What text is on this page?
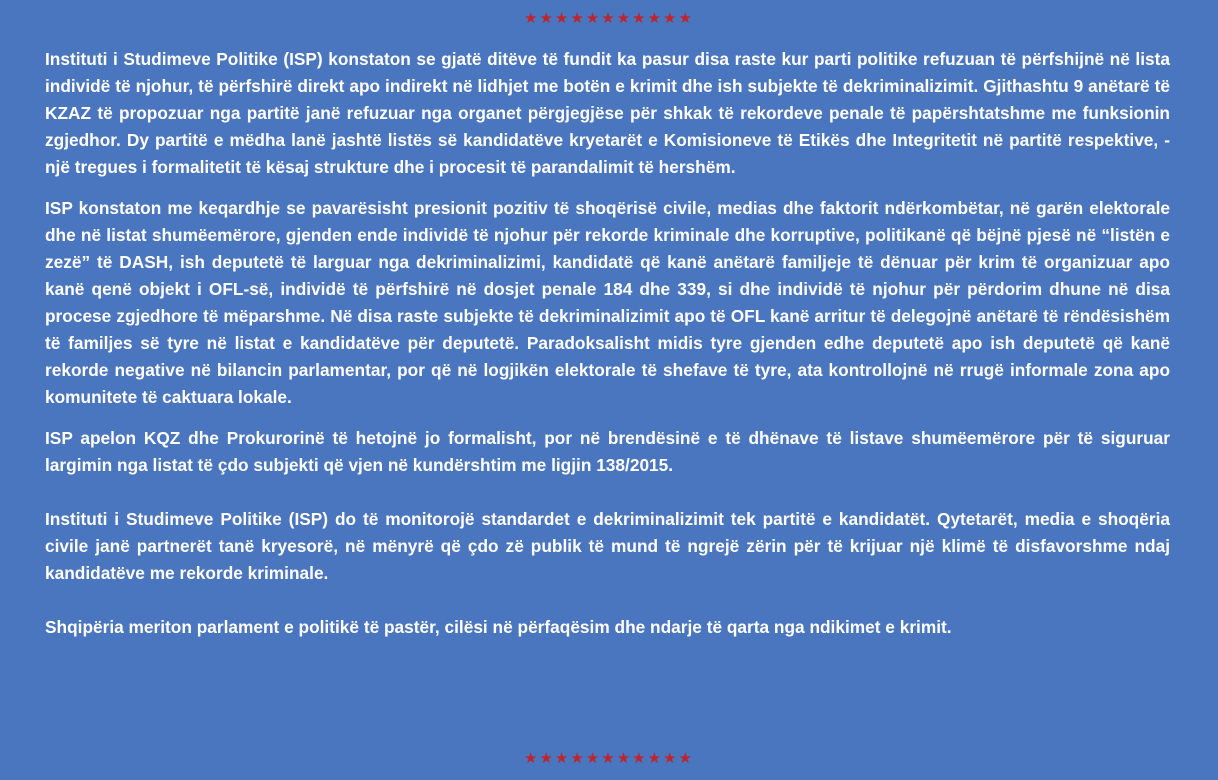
★★★★★★★★★★★

Instituti i Studimeve Politike (ISP) konstaton se gjatë ditëve të fundit ka pasur disa raste kur parti politike refuzuan të përfshijnë në lista individë të njohur, të përfshirë direkt apo indirekt në lidhjet me botën e krimit dhe ish subjekte të dekriminalizimit. Gjithashtu 9 anëtarë të KZAZ të propozuar nga partitë janë refuzuar nga organet përgjegjëse për shkak të rekordeve penale të papërshtatshme me funksionin zgjedhor. Dy partitë e mëdha lanë jashtë listës së kandidatëve kryetarët e Komisioneve të Etikës dhe Integritetit në partitë respektive, - një tregues i formalitetit të kësaj strukture dhe i procesit të parandalimit të hershëm.

ISP konstaton me keqardhje se pavarësisht presionit pozitiv të shoqërisë civile, medias dhe faktorit ndërkombëtar, në garën elektorale dhe në listat shumëemërore, gjenden ende individë të njohur për rekorde kriminale dhe korruptive, politikanë që bëjnë pjesë në “listën e zezë” të DASH, ish deputetë të larguar nga dekriminalizimi, kandidatë që kanë anëtarë familjeje të dënuar për krim të organizuar apo kanë qenë objekt i OFL-së, individë të përfshirë në dosjet penale 184 dhe 339, si dhe individë të njohur për përdorim dhune në disa procese zgjedhore të mëparshme. Në disa raste subjekte të dekriminalizimit apo të OFL kanë arritur të delegojnë anëtarë të rëndësishëm të familjes së tyre në listat e kandidatëve për deputetë. Paradoksalisht midis tyre gjenden edhe deputetë apo ish deputetë që kanë rekorde negative në bilancin parlamentar, por që në logjikën elektorale të shefave të tyre, ata kontrollojnë në rrugë informale zona apo komunitete të caktuara lokale.

ISP apelon KQZ dhe Prokurorinë të hetojnë jo formalisht, por në brendësinë e të dhënave të listave shumëemërore për të siguruar largimin nga listat të çdo subjekti që vjen në kundërshtim me ligjin 138/2015.

Instituti i Studimeve Politike (ISP) do të monitorojë standardet e dekriminalizimit tek partitë e kandidatët. Qytetarët, media e shoqëria civile janë partnerët tanë kryesorë, në mënyrë që çdo zë publik të mund të ngrejë zërin për të krijuar një klimë të disfavorshme ndaj kandidatëve me rekorde kriminale.

Shqipëria meriton parlament e politikë të pastër, cilësi në përfaqësim dhe ndarje të qarta nga ndikimet e krimit.
★★★★★★★★★★★
